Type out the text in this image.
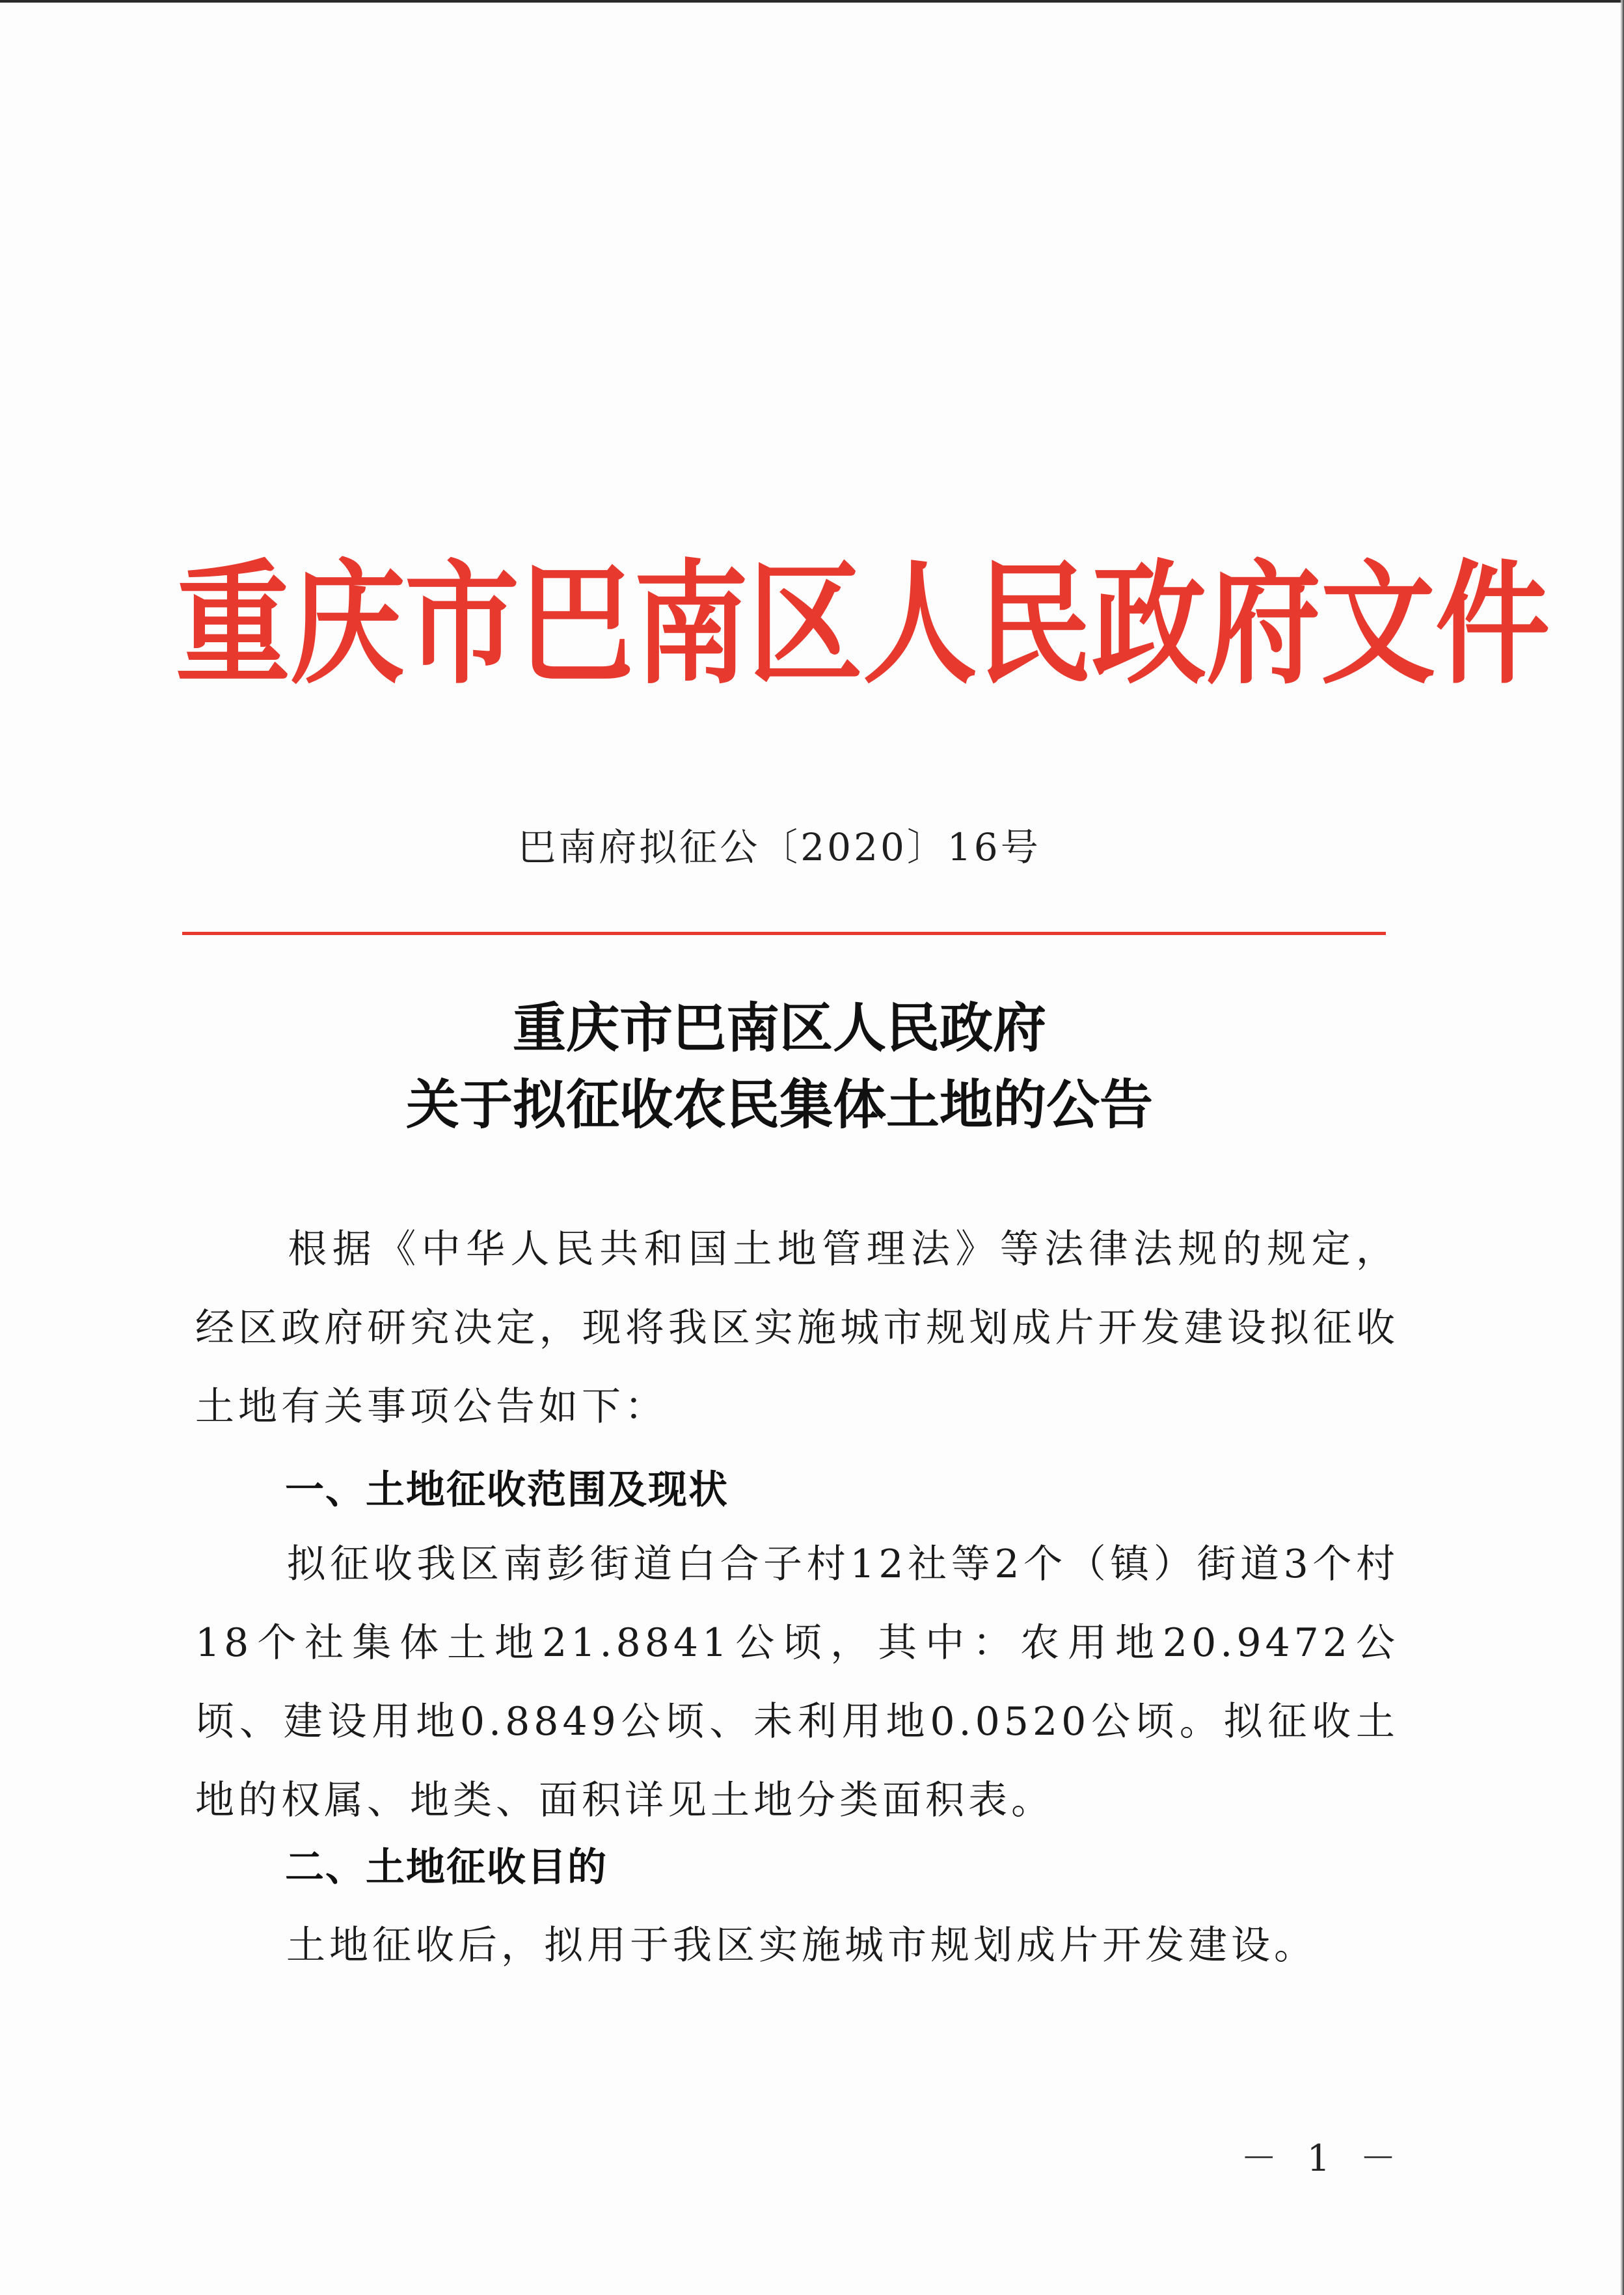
重庆市巴南区人民政府文件
巴南府拟征公〔2020〕16号
重庆市巴南区人民政府
关于拟征收农民集体土地的公告
根据《中华人民共和国土地管理法》等法律法规的规定，经区政府研究决定，现将我区实施城市规划成片开发建设拟征收土地有关事项公告如下：
一、土地征收范围及现状
拟征收我区南彭街道白合子村12社等2个（镇）街道3个村18个社集体土地21.8841公顷，其中：农用地20.9472公顷、建设用地0.8849公顷、未利用地0.0520公顷。拟征收土地的权属、地类、面积详见土地分类面积表。
二、土地征收目的
土地征收后，拟用于我区实施城市规划成片开发建设。
－ 1 －
